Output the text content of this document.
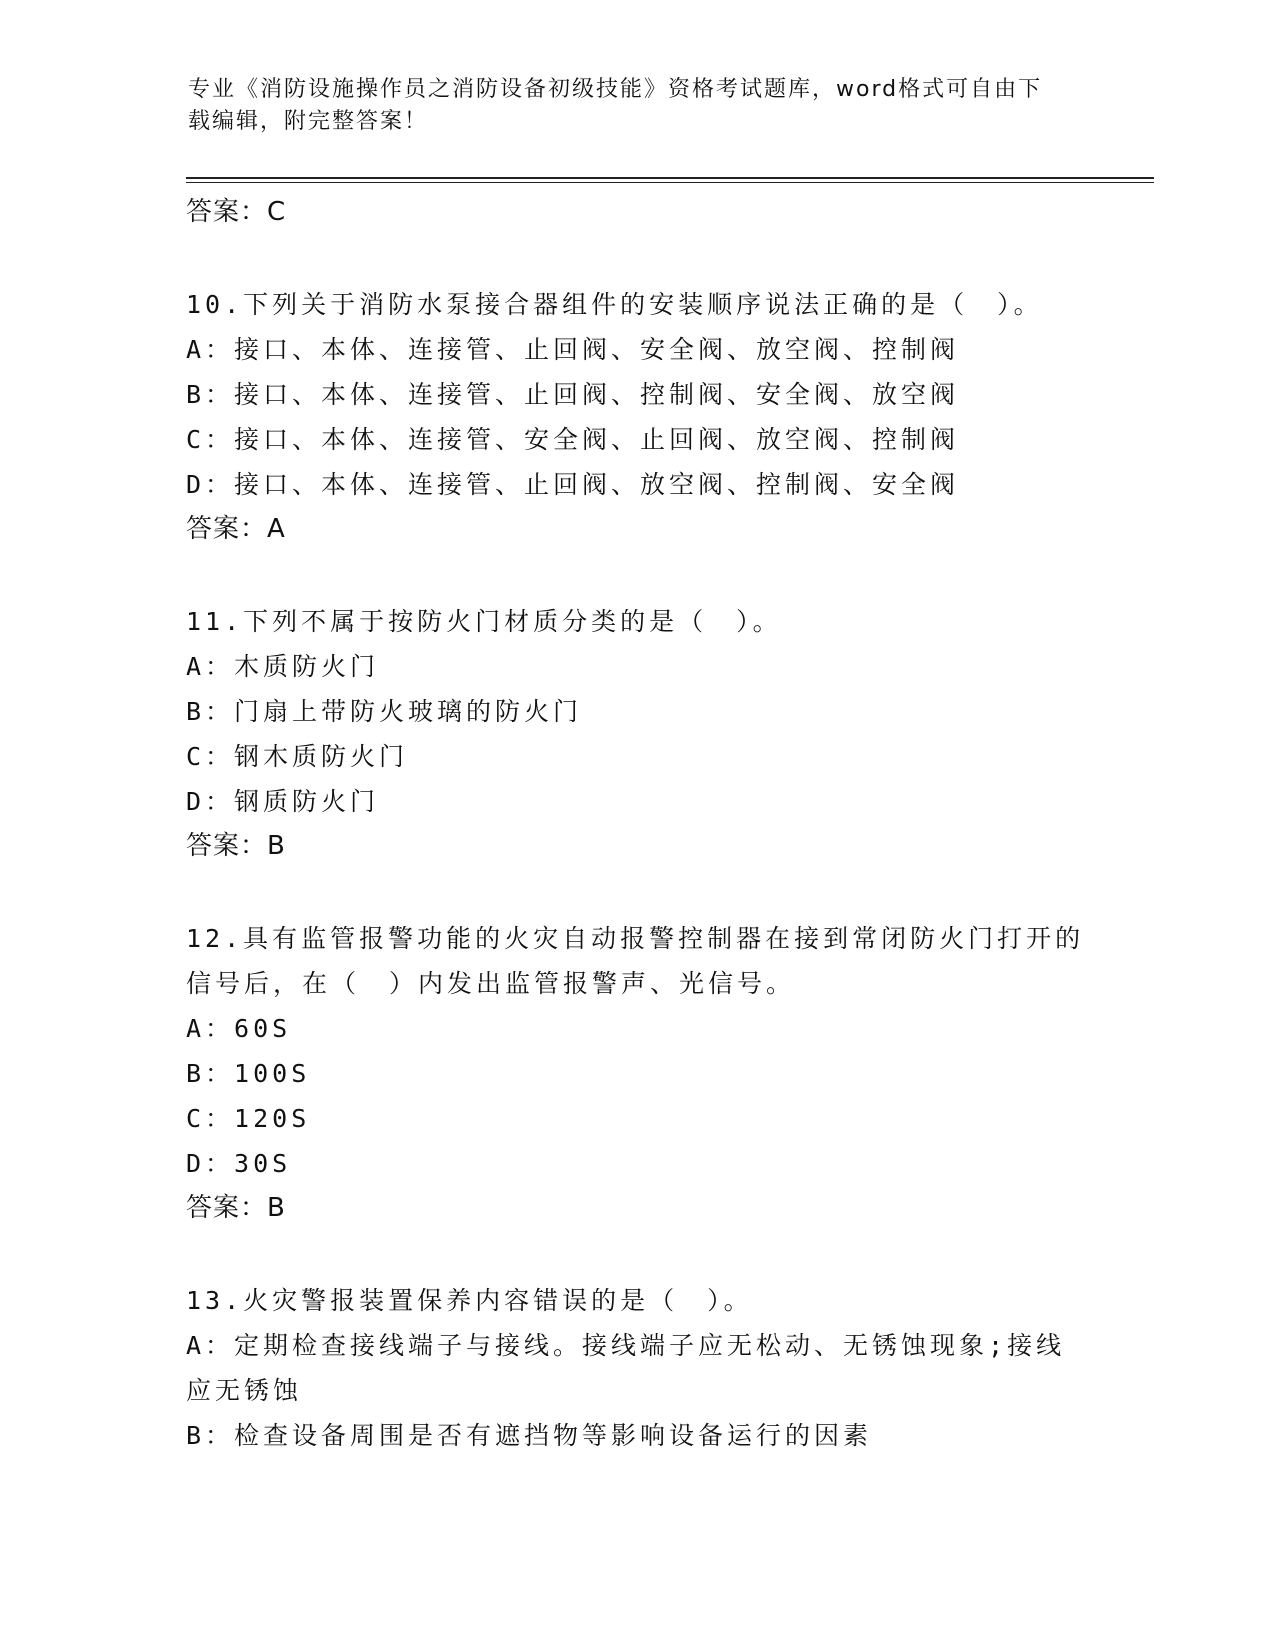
专业《消防设施操作员之消防设备初级技能》资格考试题库，word格式可自由下
载编辑，附完整答案！
答案：C
10.下列关于消防水泵接合器组件的安装顺序说法正确的是（　）。
A：接口、本体、连接管、止回阀、安全阀、放空阀、控制阀
B：接口、本体、连接管、止回阀、控制阀、安全阀、放空阀
C：接口、本体、连接管、安全阀、止回阀、放空阀、控制阀
D：接口、本体、连接管、止回阀、放空阀、控制阀、安全阀
答案：A
11.下列不属于按防火门材质分类的是（　）。
A：木质防火门
B：门扇上带防火玻璃的防火门
C：钢木质防火门
D：钢质防火门
答案：B
12.具有监管报警功能的火灾自动报警控制器在接到常闭防火门打开的
信号后，在（　）内发出监管报警声、光信号。
A：60S
B：100S
C：120S
D：30S
答案：B
13.火灾警报装置保养内容错误的是（　）。
A：定期检查接线端子与接线。接线端子应无松动、无锈蚀现象;接线
应无锈蚀
B：检查设备周围是否有遮挡物等影响设备运行的因素
